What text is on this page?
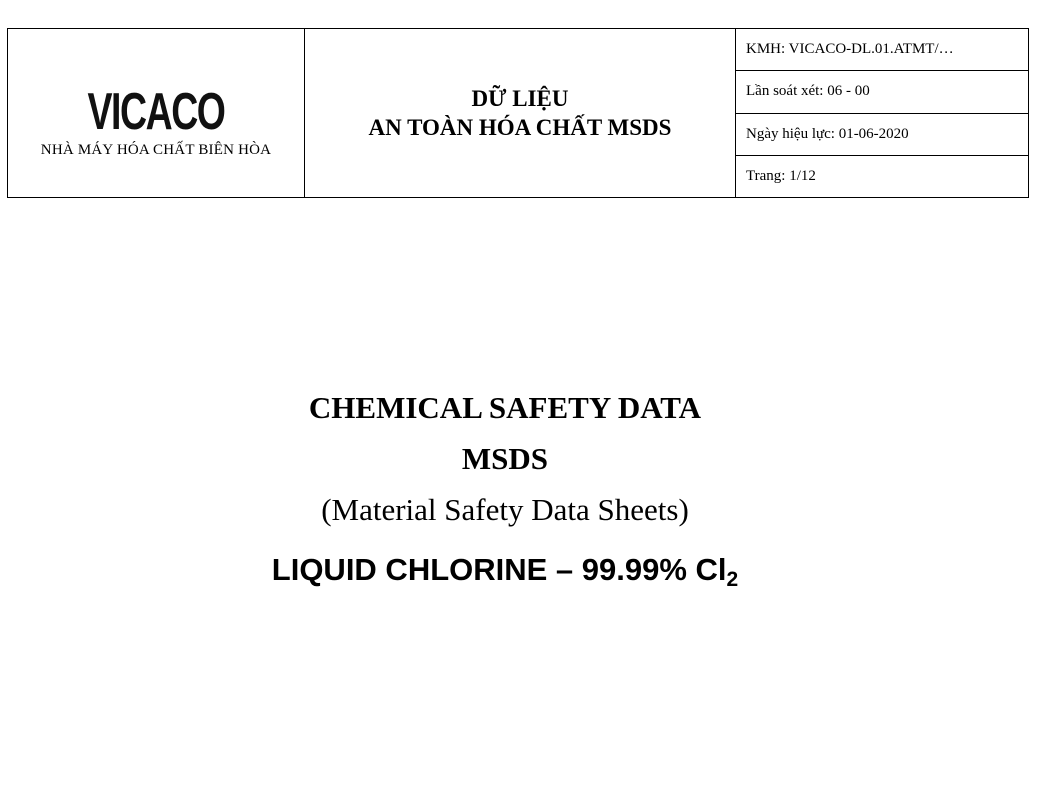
VICACO
NHÀ MÁY HÓA CHẤT BIÊN HÒA

DỮ LIỆU
AN TOÀN HÓA CHẤT MSDS
	KMH: VICACO-DL.01.ATMT/…
Lần soát xét: 06 - 00
Ngày hiệu lực: 01-06-2020
Trang: 1/12

CHEMICAL SAFETY DATA

MSDS

(Material Safety Data Sheets)

LIQUID CHLORINE – 99.99% $Cl_2$
